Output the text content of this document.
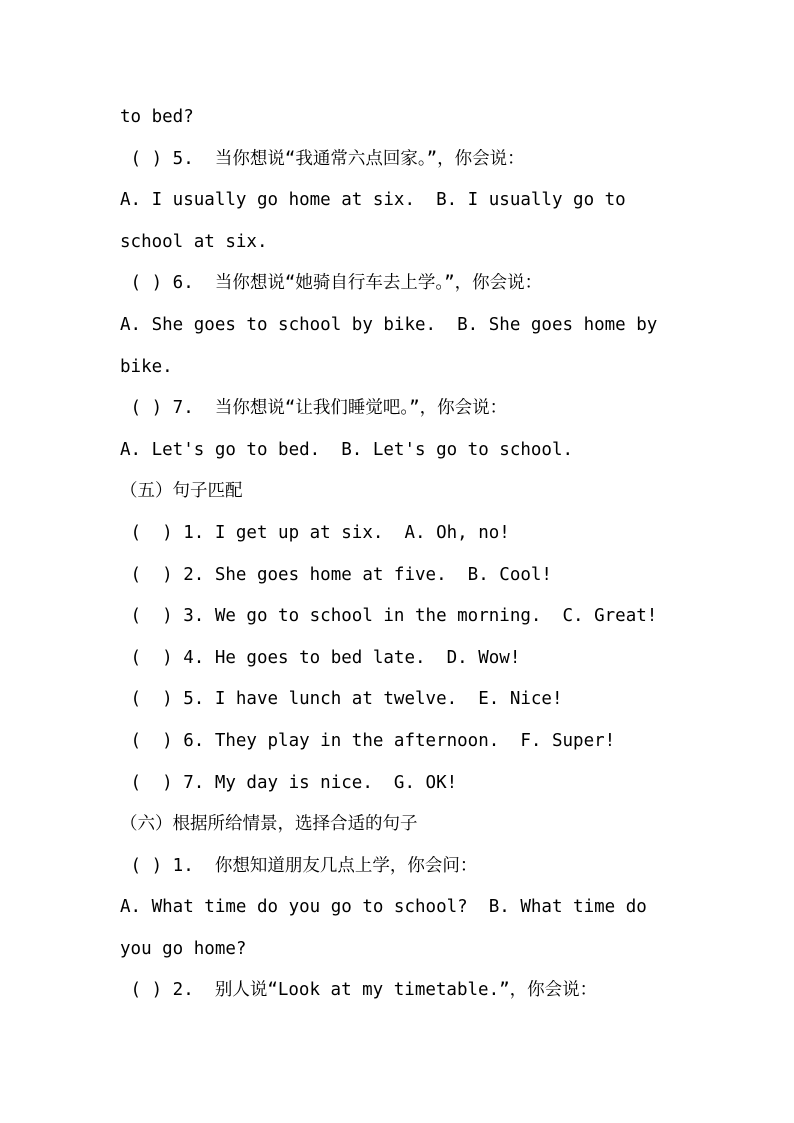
to bed?
( ) 5.  当你想说“我通常六点回家。”，你会说：
A. I usually go home at six.  B. I usually go to
school at six.
( ) 6.  当你想说“她骑自行车去上学。”，你会说：
A. She goes to school by bike.  B. She goes home by
bike.
( ) 7.  当你想说“让我们睡觉吧。”，你会说：
A. Let's go to bed.  B. Let's go to school.
（五）句子匹配
(  ) 1. I get up at six.  A. Oh, no!
(  ) 2. She goes home at five.  B. Cool!
(  ) 3. We go to school in the morning.  C. Great!
(  ) 4. He goes to bed late.  D. Wow!
(  ) 5. I have lunch at twelve.  E. Nice!
(  ) 6. They play in the afternoon.  F. Super!
(  ) 7. My day is nice.  G. OK!
（六）根据所给情景，选择合适的句子
( ) 1.  你想知道朋友几点上学，你会问：
A. What time do you go to school?  B. What time do
you go home?
( ) 2.  别人说“Look at my timetable.”，你会说：
